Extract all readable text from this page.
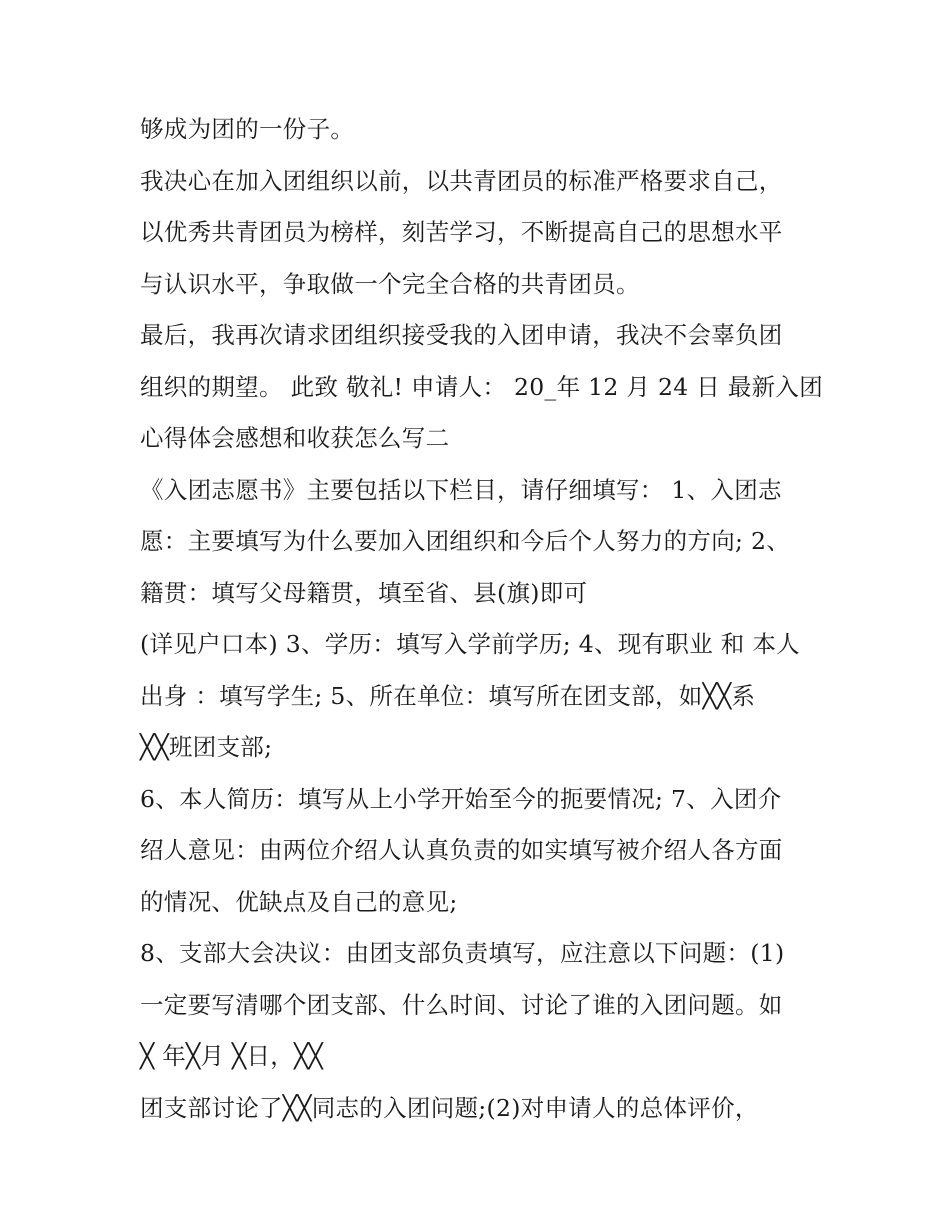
够成为团的一份子。
我决心在加入团组织以前，以共青团员的标准严格要求自己，
以优秀共青团员为榜样，刻苦学习，不断提高自己的思想水平
与认识水平，争取做一个完全合格的共青团员。
最后，我再次请求团组织接受我的入团申请，我决不会辜负团
组织的期望。 此致 敬礼! 申请人： 20_年 12 月 24 日 最新入团
心得体会感想和收获怎么写二
《入团志愿书》主要包括以下栏目，请仔细填写： 1、入团志
愿：主要填写为什么要加入团组织和今后个人努力的方向; 2、
籍贯：填写父母籍贯，填至省、县(旗)即可
(详见户口本) 3、学历：填写入学前学历; 4、现有职业 和 本人
出身 ：填写学生; 5、所在单位：填写所在团支部，如╳╳系
╳╳班团支部;
6、本人简历：填写从上小学开始至今的扼要情况; 7、入团介
绍人意见：由两位介绍人认真负责的如实填写被介绍人各方面
的情况、优缺点及自己的意见;
8、支部大会决议：由团支部负责填写，应注意以下问题：(1)
一定要写清哪个团支部、什么时间、讨论了谁的入团问题。如
╳ 年╳月 ╳日，╳╳
团支部讨论了╳╳同志的入团问题;(2)对申请人的总体评价，
